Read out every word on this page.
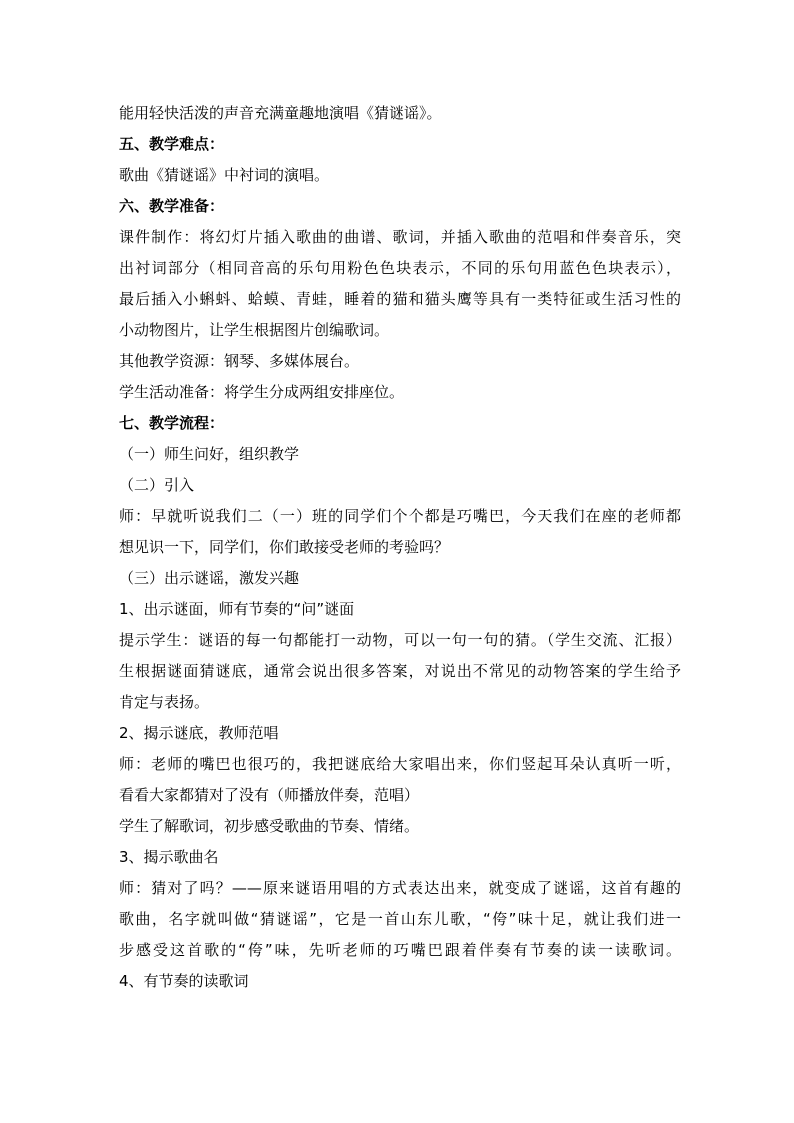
能用轻快活泼的声音充满童趣地演唱《猜谜谣》。
五、教学难点：
歌曲《猜谜谣》中衬词的演唱。
六、教学准备：
课件制作：将幻灯片插入歌曲的曲谱、歌词，并插入歌曲的范唱和伴奏音乐，突
出衬词部分（相同音高的乐句用粉色色块表示，不同的乐句用蓝色色块表示），
最后插入小蝌蚪、蛤蟆、青蛙，睡着的猫和猫头鹰等具有一类特征或生活习性的
小动物图片，让学生根据图片创编歌词。
其他教学资源：钢琴、多媒体展台。
学生活动准备：将学生分成两组安排座位。
七、教学流程：
（一）师生问好，组织教学
（二）引入
师：早就听说我们二（一）班的同学们个个都是巧嘴巴，今天我们在座的老师都
想见识一下，同学们，你们敢接受老师的考验吗？
（三）出示谜谣，激发兴趣
1、出示谜面，师有节奏的“问”谜面
提示学生：谜语的每一句都能打一动物，可以一句一句的猜。（学生交流、汇报）
生根据谜面猜谜底，通常会说出很多答案，对说出不常见的动物答案的学生给予
肯定与表扬。
2、揭示谜底，教师范唱
师：老师的嘴巴也很巧的，我把谜底给大家唱出来，你们竖起耳朵认真听一听，
看看大家都猜对了没有（师播放伴奏，范唱）
学生了解歌词，初步感受歌曲的节奏、情绪。
3、揭示歌曲名
师：猜对了吗？——原来谜语用唱的方式表达出来，就变成了谜谣，这首有趣的
歌曲，名字就叫做“猜谜谣”，它是一首山东儿歌，“侉”味十足，就让我们进一
步感受这首歌的“侉”味，先听老师的巧嘴巴跟着伴奏有节奏的读一读歌词。
4、有节奏的读歌词
